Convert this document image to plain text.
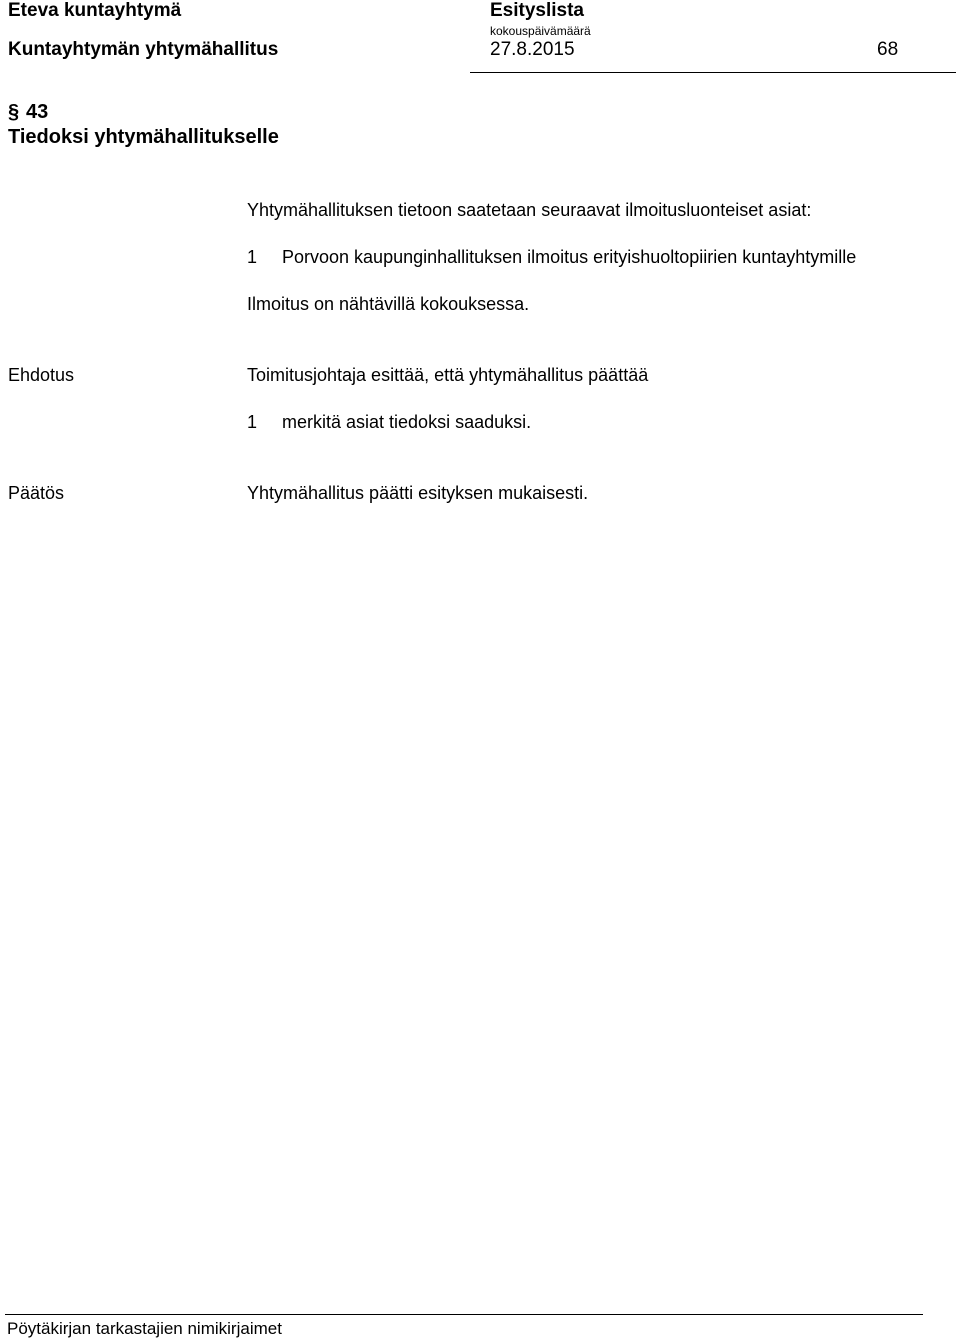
Eteva kuntayhtymä	Esityslista
kokouspäivämäärä
Kuntayhtymän yhtymähallitus	27.8.2015	68
§ 43
Tiedoksi yhtymähallitukselle
Yhtymähallituksen tietoon saatetaan seuraavat ilmoitusluonteiset asiat:
1 Porvoon kaupunginhallituksen ilmoitus erityishuoltopiirien kuntayhtymille
Ilmoitus on nähtävillä kokouksessa.
Ehdotus	Toimitusjohtaja esittää, että yhtymähallitus päättää
1 merkitä asiat tiedoksi saaduksi.
Päätös	Yhtymähallitus päätti esityksen mukaisesti.
Pöytäkirjan tarkastajien nimikirjaimet
